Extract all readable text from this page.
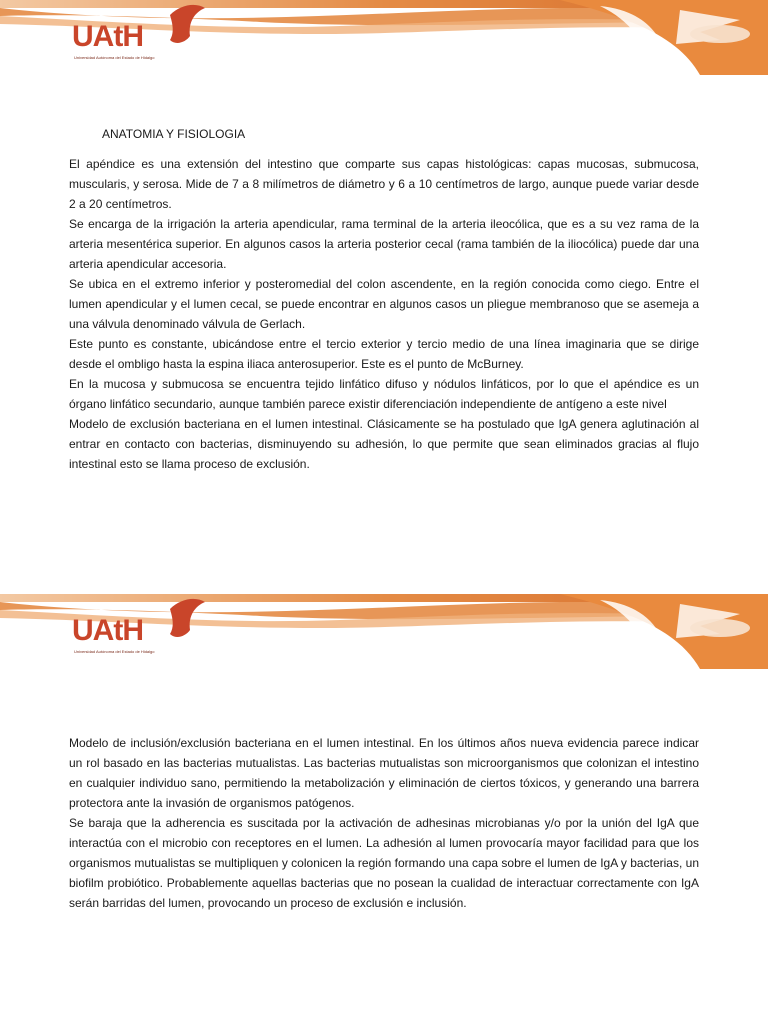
UAtH
Universidad Autónoma del Estado de Hidalgo
ANATOMIA Y FISIOLOGIA

El apéndice es una extensión del intestino que comparte sus capas histológicas: capas mucosas, submucosa, muscularis, y serosa. Mide de 7 a 8 milímetros de diámetro y 6 a 10 centímetros de largo, aunque puede variar desde 2 a 20 centímetros.

Se encarga de la irrigación la arteria apendicular, rama terminal de la arteria ileocólica, que es a su vez rama de la arteria mesentérica superior. En algunos casos la arteria posterior cecal (rama también de la iliocólica) puede dar una arteria apendicular accesoria.

Se ubica en el extremo inferior y posteromedial del colon ascendente, en la región conocida como ciego. Entre el lumen apendicular y el lumen cecal, se puede encontrar en algunos casos un pliegue membranoso que se asemeja a una válvula denominado válvula de Gerlach.

Este punto es constante, ubicándose entre el tercio exterior y tercio medio de una línea imaginaria que se dirige desde el ombligo hasta la espina iliaca anterosuperior. Este es el punto de McBurney.

En la mucosa y submucosa se encuentra tejido linfático difuso y nódulos linfáticos, por lo que el apéndice es un órgano linfático secundario, aunque también parece existir diferenciación independiente de antígeno a este nivel

Modelo de exclusión bacteriana en el lumen intestinal. Clásicamente se ha postulado que IgA genera aglutinación al entrar en contacto con bacterias, disminuyendo su adhesión, lo que permite que sean eliminados gracias al flujo intestinal esto se llama proceso de exclusión.

UAtH
Universidad Autónoma del Estado de Hidalgo

Modelo de inclusión/exclusión bacteriana en el lumen intestinal. En los últimos años nueva evidencia parece indicar un rol basado en las bacterias mutualistas. Las bacterias mutualistas son microorganismos que colonizan el intestino en cualquier individuo sano, permitiendo la metabolización y eliminación de ciertos tóxicos, y generando una barrera protectora ante la invasión de organismos patógenos.

Se baraja que la adherencia es suscitada por la activación de adhesinas microbianas y/o por la unión del IgA que interactúa con el microbio con receptores en el lumen. La adhesión al lumen provocaría mayor facilidad para que los organismos mutualistas se multipliquen y colonicen la región formando una capa sobre el lumen de IgA y bacterias, un biofilm probiótico. Probablemente aquellas bacterias que no posean la cualidad de interactuar correctamente con IgA serán barridas del lumen, provocando un proceso de exclusión e inclusión.
